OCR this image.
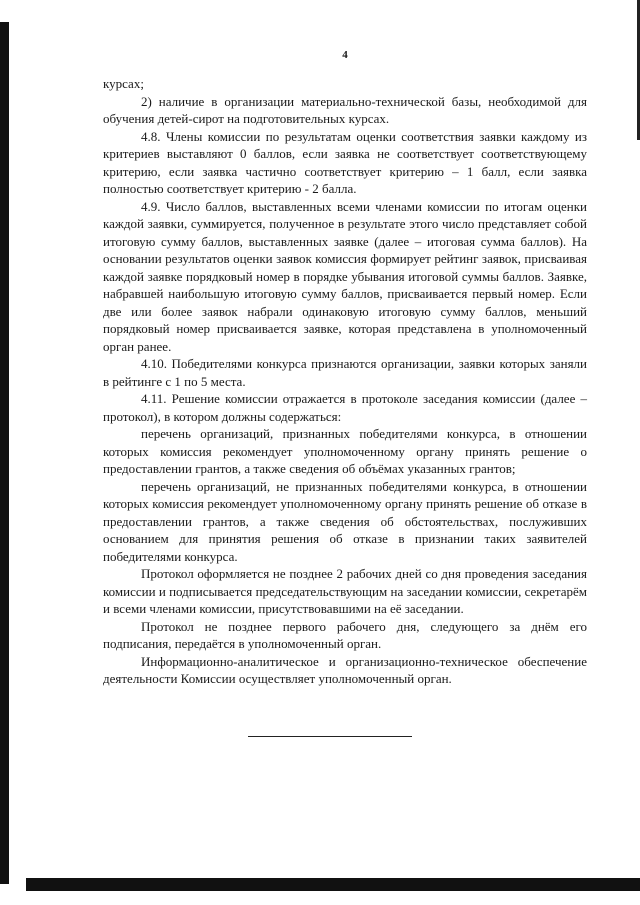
4

курсах;

2) наличие в организации материально-технической базы, необходимой для обучения детей-сирот на подготовительных курсах.

4.8. Члены комиссии по результатам оценки соответствия заявки каждому из критериев выставляют 0 баллов, если заявка не соответствует соответствующему критерию, если заявка частично соответствует критерию – 1 балл, если заявка полностью соответствует критерию - 2 балла.

4.9. Число баллов, выставленных всеми членами комиссии по итогам оценки каждой заявки, суммируется, полученное в результате этого число представляет собой итоговую сумму баллов, выставленных заявке (далее – итоговая сумма баллов). На основании результатов оценки заявок комиссия формирует рейтинг заявок, присваивая каждой заявке порядковый номер в порядке убывания итоговой суммы баллов. Заявке, набравшей наибольшую итоговую сумму баллов, присваивается первый номер. Если две или более заявок набрали одинаковую итоговую сумму баллов, меньший порядковый номер присваивается заявке, которая представлена в уполномоченный орган ранее.

4.10. Победителями конкурса признаются организации, заявки которых заняли в рейтинге с 1 по 5 места.

4.11. Решение комиссии отражается в протоколе заседания комиссии (далее – протокол), в котором должны содержаться:

перечень организаций, признанных победителями конкурса, в отношении которых комиссия рекомендует уполномоченному органу принять решение о предоставлении грантов, а также сведения об объёмах указанных грантов;

перечень организаций, не признанных победителями конкурса, в отношении которых комиссия рекомендует уполномоченному органу принять решение об отказе в предоставлении грантов, а также сведения об обстоятельствах, послуживших основанием для принятия решения об отказе в признании таких заявителей победителями конкурса.

Протокол оформляется не позднее 2 рабочих дней со дня проведения заседания комиссии и подписывается председательствующим на заседании комиссии, секретарём и всеми членами комиссии, присутствовавшими на её заседании.

Протокол не позднее первого рабочего дня, следующего за днём его подписания, передаётся в уполномоченный орган.

Информационно-аналитическое и организационно-техническое обеспечение деятельности Комиссии осуществляет уполномоченный орган.
